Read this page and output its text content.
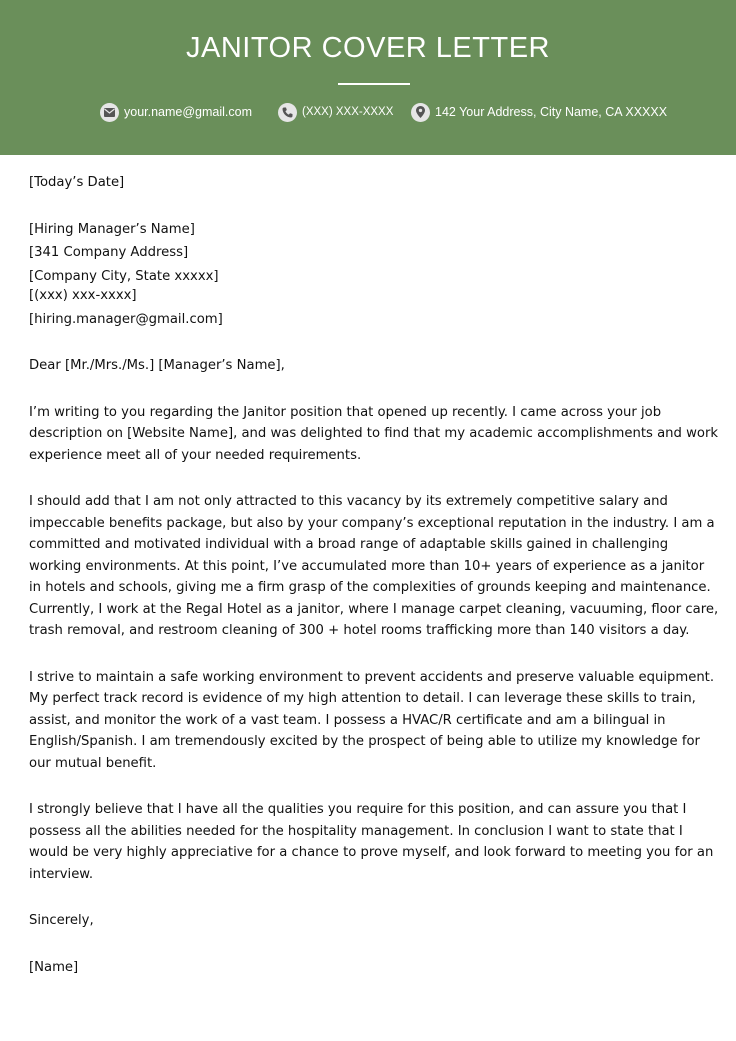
JANITOR COVER LETTER
your.name@gmail.com	(XXX) XXX-XXXX	142 Your Address, City Name, CA XXXXX

[Today’s Date]

[Hiring Manager’s Name]

[341 Company Address]

[Company City, State xxxxx]

[(xxx) xxx-xxxx]

[hiring.manager@gmail.com]

Dear [Mr./Mrs./Ms.] [Manager’s Name],

I’m writing to you regarding the Janitor position that opened up recently. I came across your job description on [Website Name], and was delighted to find that my academic accomplishments and work experience meet all of your needed requirements.

I should add that I am not only attracted to this vacancy by its extremely competitive salary and impeccable benefits package, but also by your company’s exceptional reputation in the industry. I am a committed and motivated individual with a broad range of adaptable skills gained in challenging working environments. At this point, I’ve accumulated more than 10+ years of experience as a janitor in hotels and schools, giving me a firm grasp of the complexities of grounds keeping and maintenance. Currently, I work at the Regal Hotel as a janitor, where I manage carpet cleaning, vacuuming, floor care, trash removal, and restroom cleaning of 300 + hotel rooms trafficking more than 140 visitors a day.

I strive to maintain a safe working environment to prevent accidents and preserve valuable equipment. My perfect track record is evidence of my high attention to detail. I can leverage these skills to train, assist, and monitor the work of a vast team. I possess a HVAC/R certificate and am a bilingual in English/Spanish. I am tremendously excited by the prospect of being able to utilize my knowledge for our mutual benefit.

I strongly believe that I have all the qualities you require for this position, and can assure you that I possess all the abilities needed for the hospitality management. In conclusion I want to state that I would be very highly appreciative for a chance to prove myself, and look forward to meeting you for an interview.

Sincerely,

[Name]
